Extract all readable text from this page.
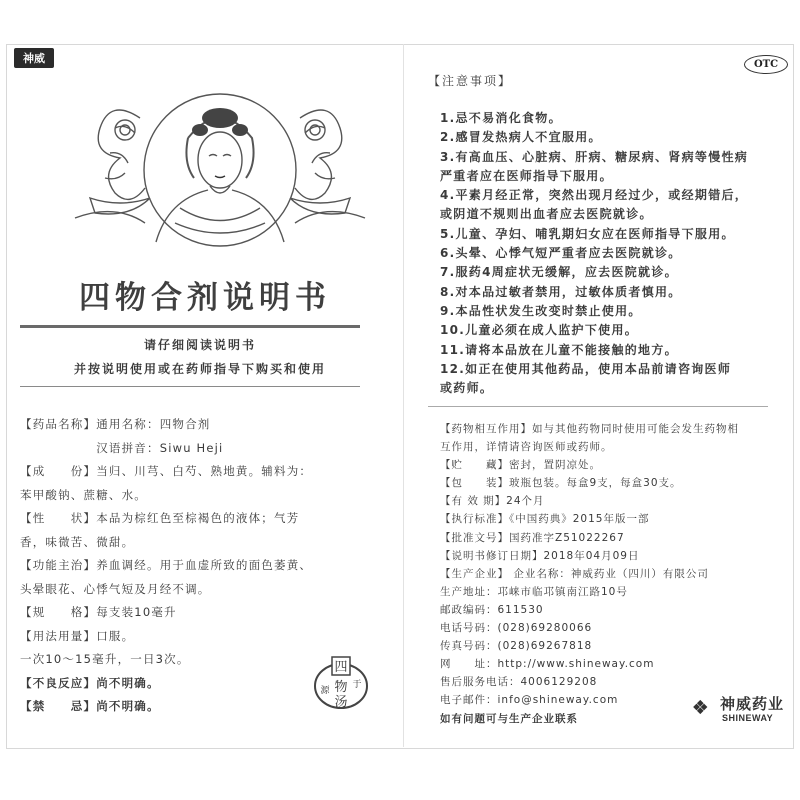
神威	OTC
四物合剂说明书
请仔细阅读说明书
并按说明使用或在药师指导下购买和使用
【药品名称】通用名称：四物合剂
　　　　　　汉语拼音：Siwu Heji
【成　　份】当归、川芎、白芍、熟地黄。辅料为：
苯甲酸钠、蔗糖、水。
【性　　状】本品为棕红色至棕褐色的液体；气芳
香，味微苦、微甜。
【功能主治】养血调经。用于血虚所致的面色萎黄、
头晕眼花、心悸气短及月经不调。
【规　　格】每支装10毫升
【用法用量】口服。
一次10～15毫升，一日3次。
【不良反应】尚不明确。
【禁　　忌】尚不明确。
四
源 物 于
汤
【注意事项】
1.忌不易消化食物。
2.感冒发热病人不宜服用。
3.有高血压、心脏病、肝病、糖尿病、肾病等慢性病
严重者应在医师指导下服用。
4.平素月经正常，突然出现月经过少，或经期错后，
或阴道不规则出血者应去医院就诊。
5.儿童、孕妇、哺乳期妇女应在医师指导下服用。
6.头晕、心悸气短严重者应去医院就诊。
7.服药4周症状无缓解，应去医院就诊。
8.对本品过敏者禁用，过敏体质者慎用。
9.本品性状发生改变时禁止使用。
10.儿童必须在成人监护下使用。
11.请将本品放在儿童不能接触的地方。
12.如正在使用其他药品，使用本品前请咨询医师
或药师。
【药物相互作用】如与其他药物同时使用可能会发生药物相
互作用，详情请咨询医师或药师。
【贮　　藏】密封，置阴凉处。
【包　　装】玻瓶包装。每盒9支，每盒30支。
【有 效 期】24个月
【执行标准】《中国药典》2015年版一部
【批准文号】国药准字Z51022267
【说明书修订日期】2018年04月09日
【生产企业】 企业名称：神威药业（四川）有限公司
生产地址：邛崃市临邛镇南江路10号
邮政编码：611530
电话号码：(028)69280066
传真号码：(028)69267818
网　　址：http://www.shineway.com
售后服务电话：4006129208
电子邮件：info@shineway.com
如有问题可与生产企业联系
神威药业
SHINEWAY
